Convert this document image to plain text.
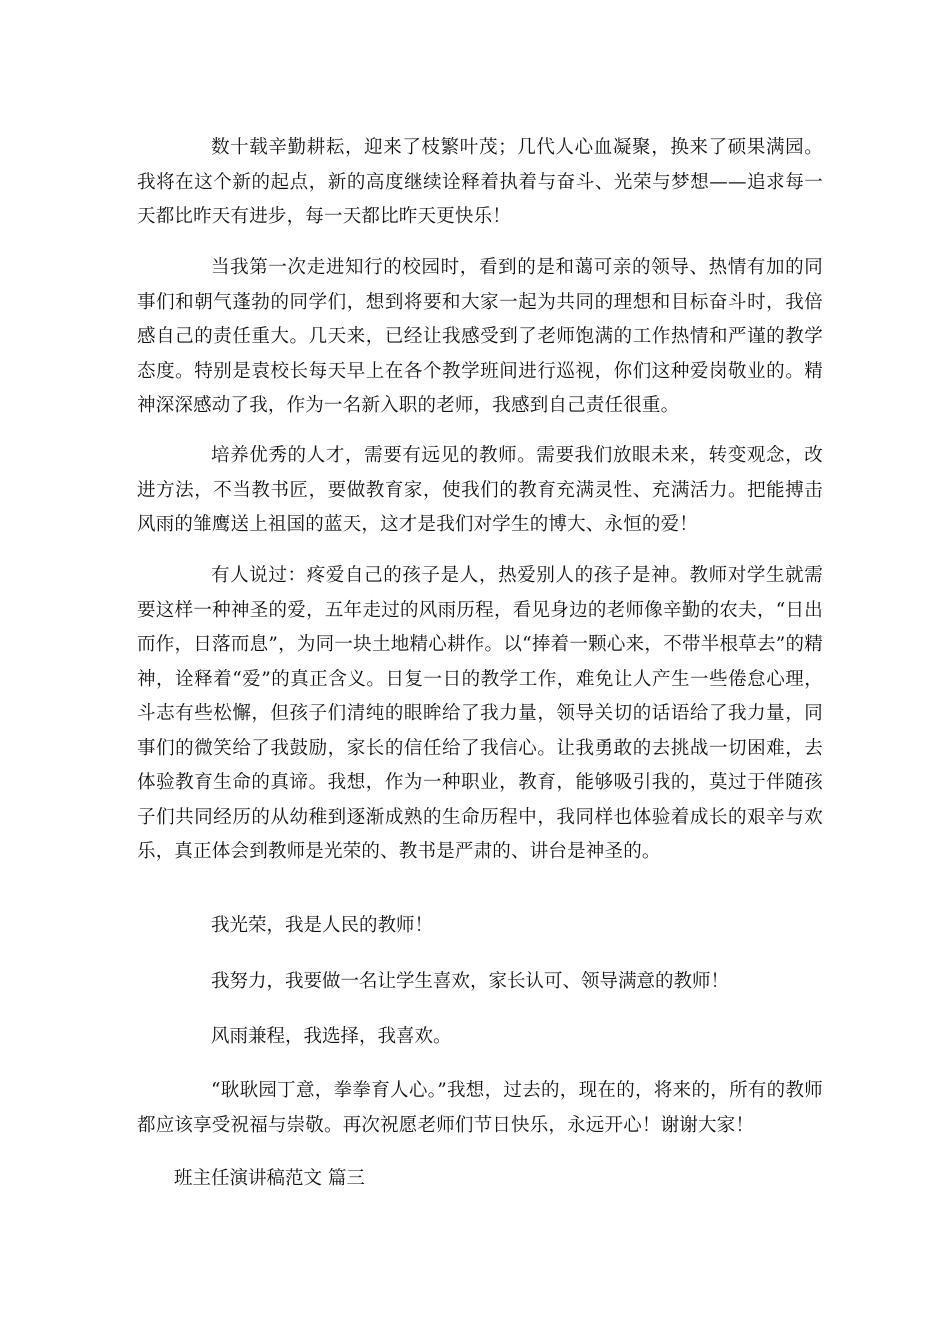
数十载辛勤耕耘，迎来了枝繁叶茂；几代人心血凝聚，换来了硕果满园。我将在这个新的起点，新的高度继续诠释着执着与奋斗、光荣与梦想——追求每一天都比昨天有进步，每一天都比昨天更快乐！

当我第一次走进知行的校园时，看到的是和蔼可亲的领导、热情有加的同事们和朝气蓬勃的同学们，想到将要和大家一起为共同的理想和目标奋斗时，我倍感自己的责任重大。几天来，已经让我感受到了老师饱满的工作热情和严谨的教学态度。特别是袁校长每天早上在各个教学班间进行巡视，你们这种爱岗敬业的。精神深深感动了我，作为一名新入职的老师，我感到自己责任很重。

培养优秀的人才，需要有远见的教师。需要我们放眼未来，转变观念，改进方法，不当教书匠，要做教育家，使我们的教育充满灵性、充满活力。把能搏击风雨的雏鹰送上祖国的蓝天，这才是我们对学生的博大、永恒的爱！

有人说过：疼爱自己的孩子是人，热爱别人的孩子是神。教师对学生就需要这样一种神圣的爱，五年走过的风雨历程，看见身边的老师像辛勤的农夫，“日出而作，日落而息”，为同一块土地精心耕作。以“捧着一颗心来，不带半根草去”的精神，诠释着“爱”的真正含义。日复一日的教学工作，难免让人产生一些倦怠心理，斗志有些松懈，但孩子们清纯的眼眸给了我力量，领导关切的话语给了我力量，同事们的微笑给了我鼓励，家长的信任给了我信心。让我勇敢的去挑战一切困难，去体验教育生命的真谛。我想，作为一种职业，教育，能够吸引我的，莫过于伴随孩子们共同经历的从幼稚到逐渐成熟的生命历程中，我同样也体验着成长的艰辛与欢乐，真正体会到教师是光荣的、教书是严肃的、讲台是神圣的。

我光荣，我是人民的教师！

我努力，我要做一名让学生喜欢，家长认可、领导满意的教师！

风雨兼程，我选择，我喜欢。

“耿耿园丁意，拳拳育人心。”我想，过去的，现在的，将来的，所有的教师都应该享受祝福与崇敬。再次祝愿老师们节日快乐，永远开心！谢谢大家！

班主任演讲稿范文 篇三
